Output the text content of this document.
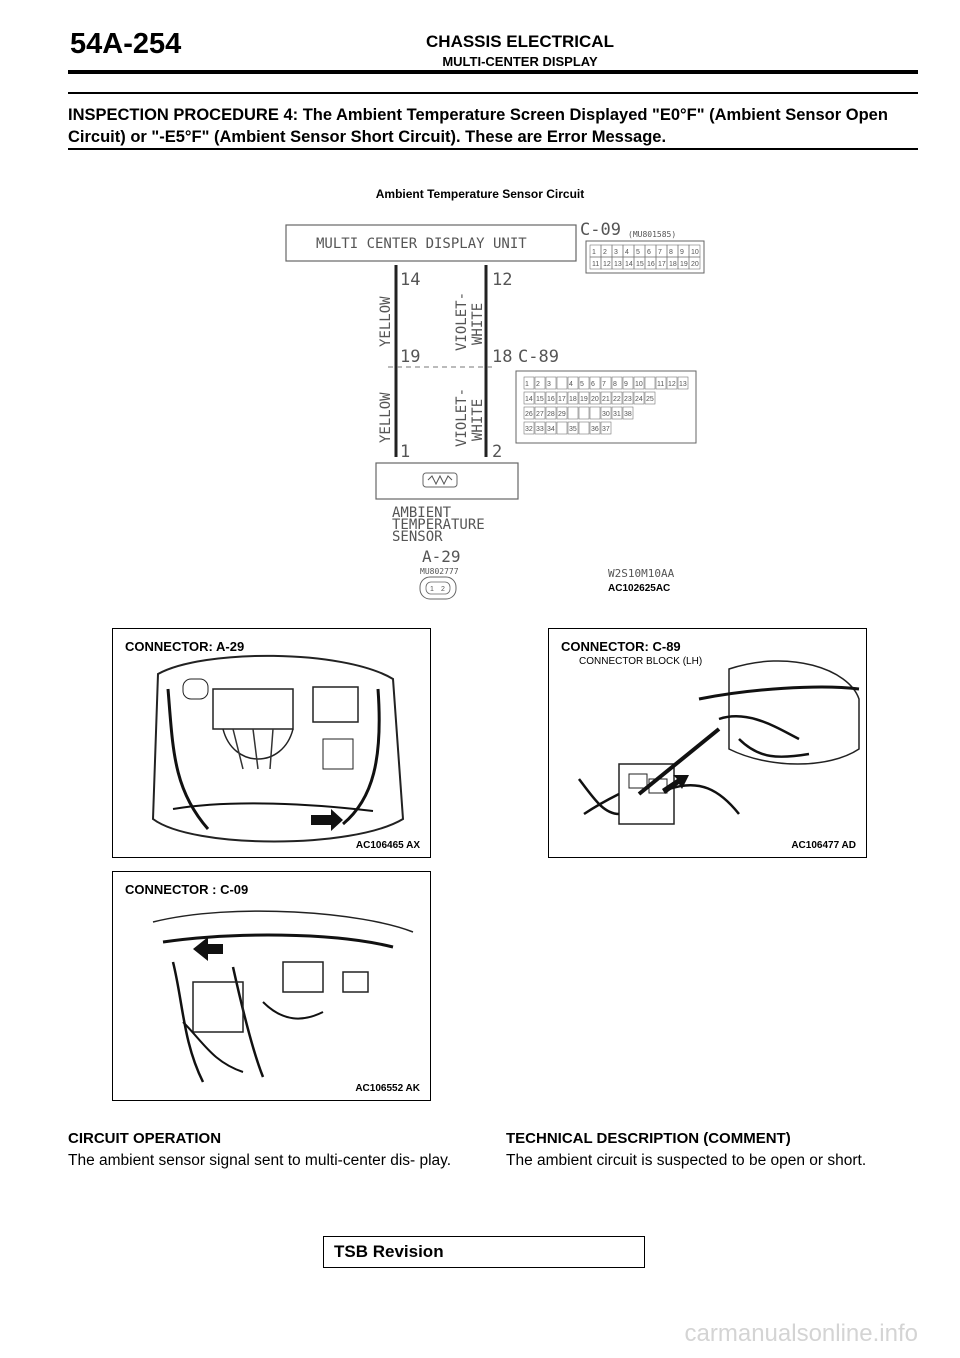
54A-254	CHASSIS ELECTRICAL
MULTI-CENTER DISPLAY
INSPECTION PROCEDURE 4: The Ambient Temperature Screen Displayed "E0°F" (Ambient Sensor Open Circuit) or "-E5°F" (Ambient Sensor Short Circuit). These are Error Message.
Ambient Temperature Sensor Circuit
MULTI CENTER DISPLAY UNIT
C-09 (MU801585)
1 2 3 4 5 6 7 8 9 10
11 12 13 14 15 16 17 18 19 20
14	12
19	18
1	2
YELLOW
YELLOW
VIOLET- WHITE
VIOLET- WHITE
C-89
1 2 3	4 5 6 7 8 9 10 11 12 13
14 15 16 17 18 19 20 21 22 23 24 25
26 27 28 29	30 31 38
32 33 34 35 36 37
AMBIENT
TEMPERATURE
SENSOR
A-29
MU802777
1 2
W2S10M10AA
AC102625AC
CONNECTOR: A-29
AC106465 AX
CONNECTOR: C-89
CONNECTOR BLOCK (LH)
AC106477 AD
CONNECTOR : C-09
AC106552 AK
CIRCUIT OPERATION
The ambient sensor signal sent to multi-center dis- play.
TECHNICAL DESCRIPTION (COMMENT)
The ambient circuit is suspected to be open or short.
TSB Revision
carmanualsonline.info
